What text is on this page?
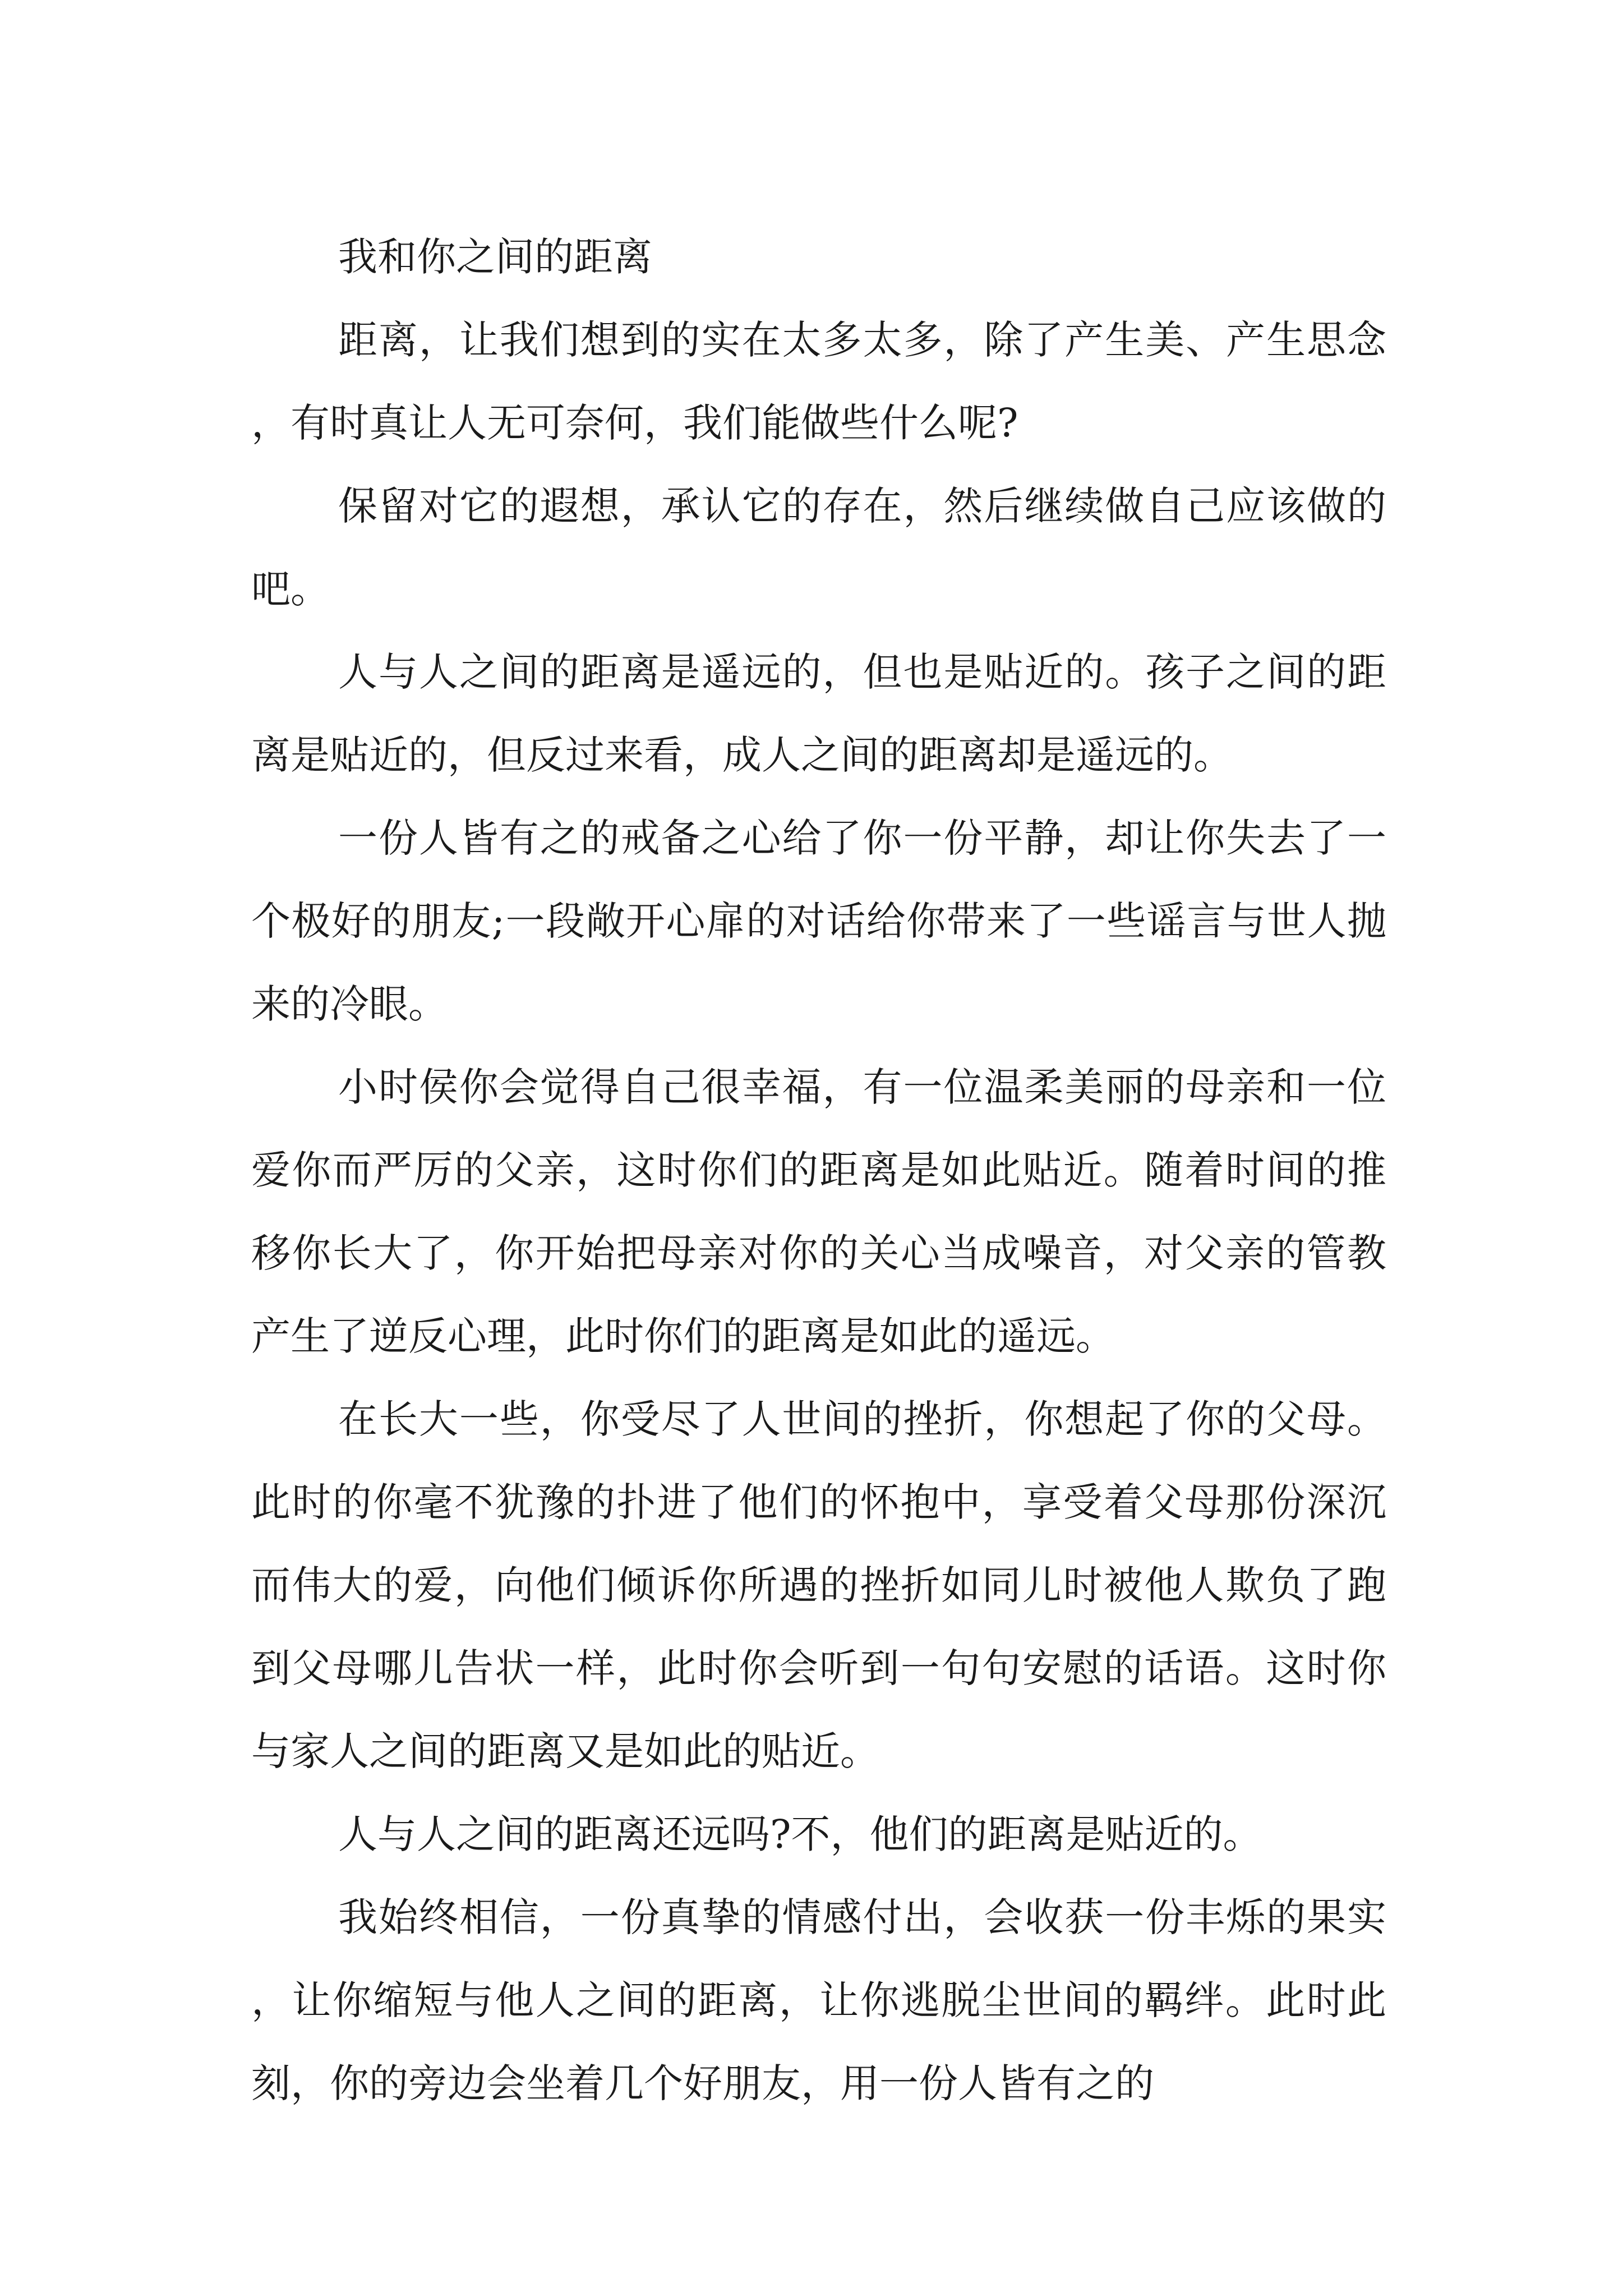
我和你之间的距离

距离，让我们想到的实在太多太多，除了产生美、产生思念，有时真让人无可奈何，我们能做些什么呢?

保留对它的遐想，承认它的存在，然后继续做自己应该做的吧。

人与人之间的距离是遥远的，但也是贴近的。孩子之间的距离是贴近的，但反过来看，成人之间的距离却是遥远的。

一份人皆有之的戒备之心给了你一份平静，却让你失去了一个极好的朋友;一段敞开心扉的对话给你带来了一些谣言与世人抛来的冷眼。

小时侯你会觉得自己很幸福，有一位温柔美丽的母亲和一位爱你而严厉的父亲，这时你们的距离是如此贴近。随着时间的推移你长大了，你开始把母亲对你的关心当成噪音，对父亲的管教产生了逆反心理，此时你们的距离是如此的遥远。

在长大一些，你受尽了人世间的挫折，你想起了你的父母。此时的你毫不犹豫的扑进了他们的怀抱中，享受着父母那份深沉而伟大的爱，向他们倾诉你所遇的挫折如同儿时被他人欺负了跑到父母哪儿告状一样，此时你会听到一句句安慰的话语。这时你与家人之间的距离又是如此的贴近。

人与人之间的距离还远吗?不，他们的距离是贴近的。

我始终相信，一份真挚的情感付出，会收获一份丰烁的果实，让你缩短与他人之间的距离，让你逃脱尘世间的羁绊。此时此刻，你的旁边会坐着几个好朋友，用一份人皆有之的
